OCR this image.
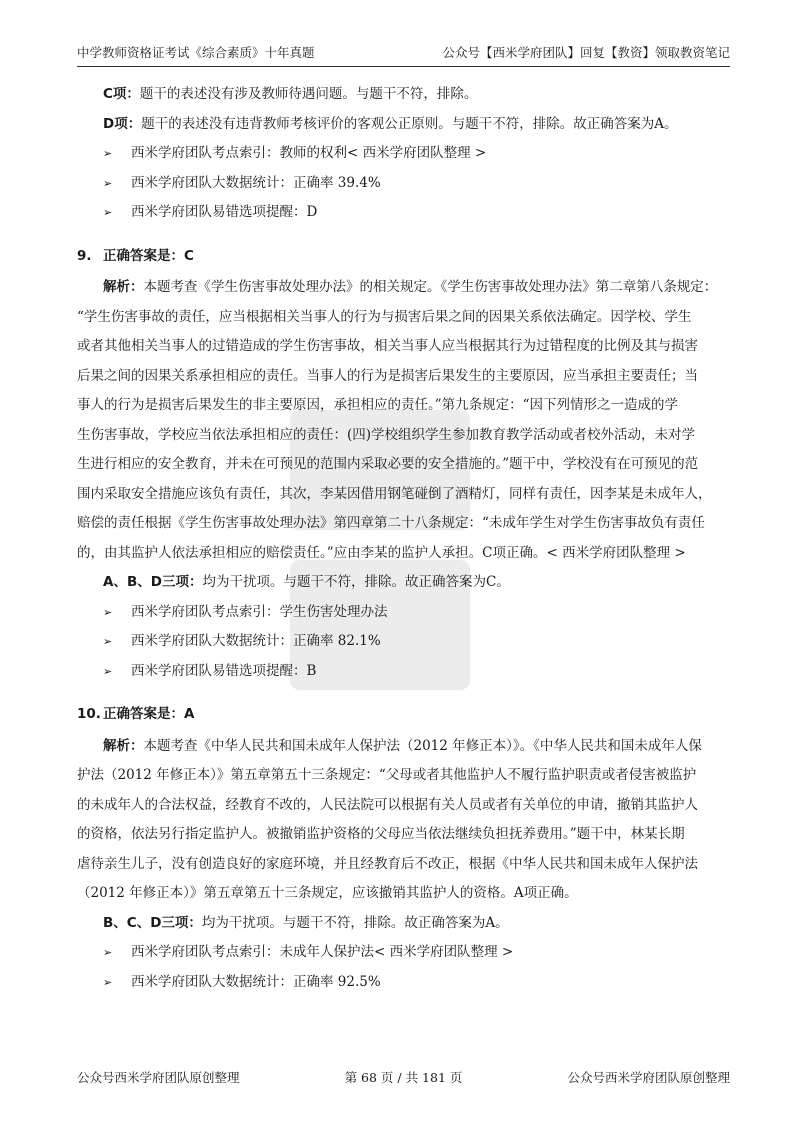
中学教师资格证考试《综合素质》十年真题	公众号【西米学府团队】回复【教资】领取教资笔记
C项：题干的表述没有涉及教师待遇问题。与题干不符，排除。
D项：题干的表述没有违背教师考核评价的客观公正原则。与题干不符，排除。故正确答案为A。
➢	西米学府团队考点索引：教师的权利< 西米学府团队整理 >
➢	西米学府团队大数据统计：正确率 39.4%
➢	西米学府团队易错选项提醒：D
9. 正确答案是：C
解析：本题考查《学生伤害事故处理办法》的相关规定。《学生伤害事故处理办法》第二章第八条规定：
“学生伤害事故的责任，应当根据相关当事人的行为与损害后果之间的因果关系依法确定。因学校、学生
或者其他相关当事人的过错造成的学生伤害事故，相关当事人应当根据其行为过错程度的比例及其与损害
后果之间的因果关系承担相应的责任。当事人的行为是损害后果发生的主要原因，应当承担主要责任；当
事人的行为是损害后果发生的非主要原因，承担相应的责任。”第九条规定：“因下列情形之一造成的学
生伤害事故，学校应当依法承担相应的责任：(四)学校组织学生参加教育教学活动或者校外活动，未对学
生进行相应的安全教育，并未在可预见的范围内采取必要的安全措施的。”题干中，学校没有在可预见的范
围内采取安全措施应该负有责任，其次，李某因借用钢笔碰倒了酒精灯，同样有责任，因李某是未成年人，
赔偿的责任根据《学生伤害事故处理办法》第四章第二十八条规定：“未成年学生对学生伤害事故负有责任
的，由其监护人依法承担相应的赔偿责任。”应由李某的监护人承担。C项正确。< 西米学府团队整理 >
A、B、D三项：均为干扰项。与题干不符，排除。故正确答案为C。
➢	西米学府团队考点索引：学生伤害处理办法
➢	西米学府团队大数据统计：正确率 82.1%
➢	西米学府团队易错选项提醒：B
10. 正确答案是：A
解析：本题考查《中华人民共和国未成年人保护法（2012 年修正本）》。《中华人民共和国未成年人保
护法（2012 年修正本）》第五章第五十三条规定：“父母或者其他监护人不履行监护职责或者侵害被监护
的未成年人的合法权益，经教育不改的，人民法院可以根据有关人员或者有关单位的申请，撤销其监护人
的资格，依法另行指定监护人。被撤销监护资格的父母应当依法继续负担抚养费用。”题干中，林某长期
虐待亲生儿子，没有创造良好的家庭环境，并且经教育后不改正，根据《中华人民共和国未成年人保护法
（2012 年修正本）》第五章第五十三条规定，应该撤销其监护人的资格。A项正确。
B、C、D三项：均为干扰项。与题干不符，排除。故正确答案为A。
➢	西米学府团队考点索引：未成年人保护法< 西米学府团队整理 >
➢	西米学府团队大数据统计：正确率 92.5%
公众号西米学府团队原创整理	第 68 页 / 共 181 页	公众号西米学府团队原创整理
